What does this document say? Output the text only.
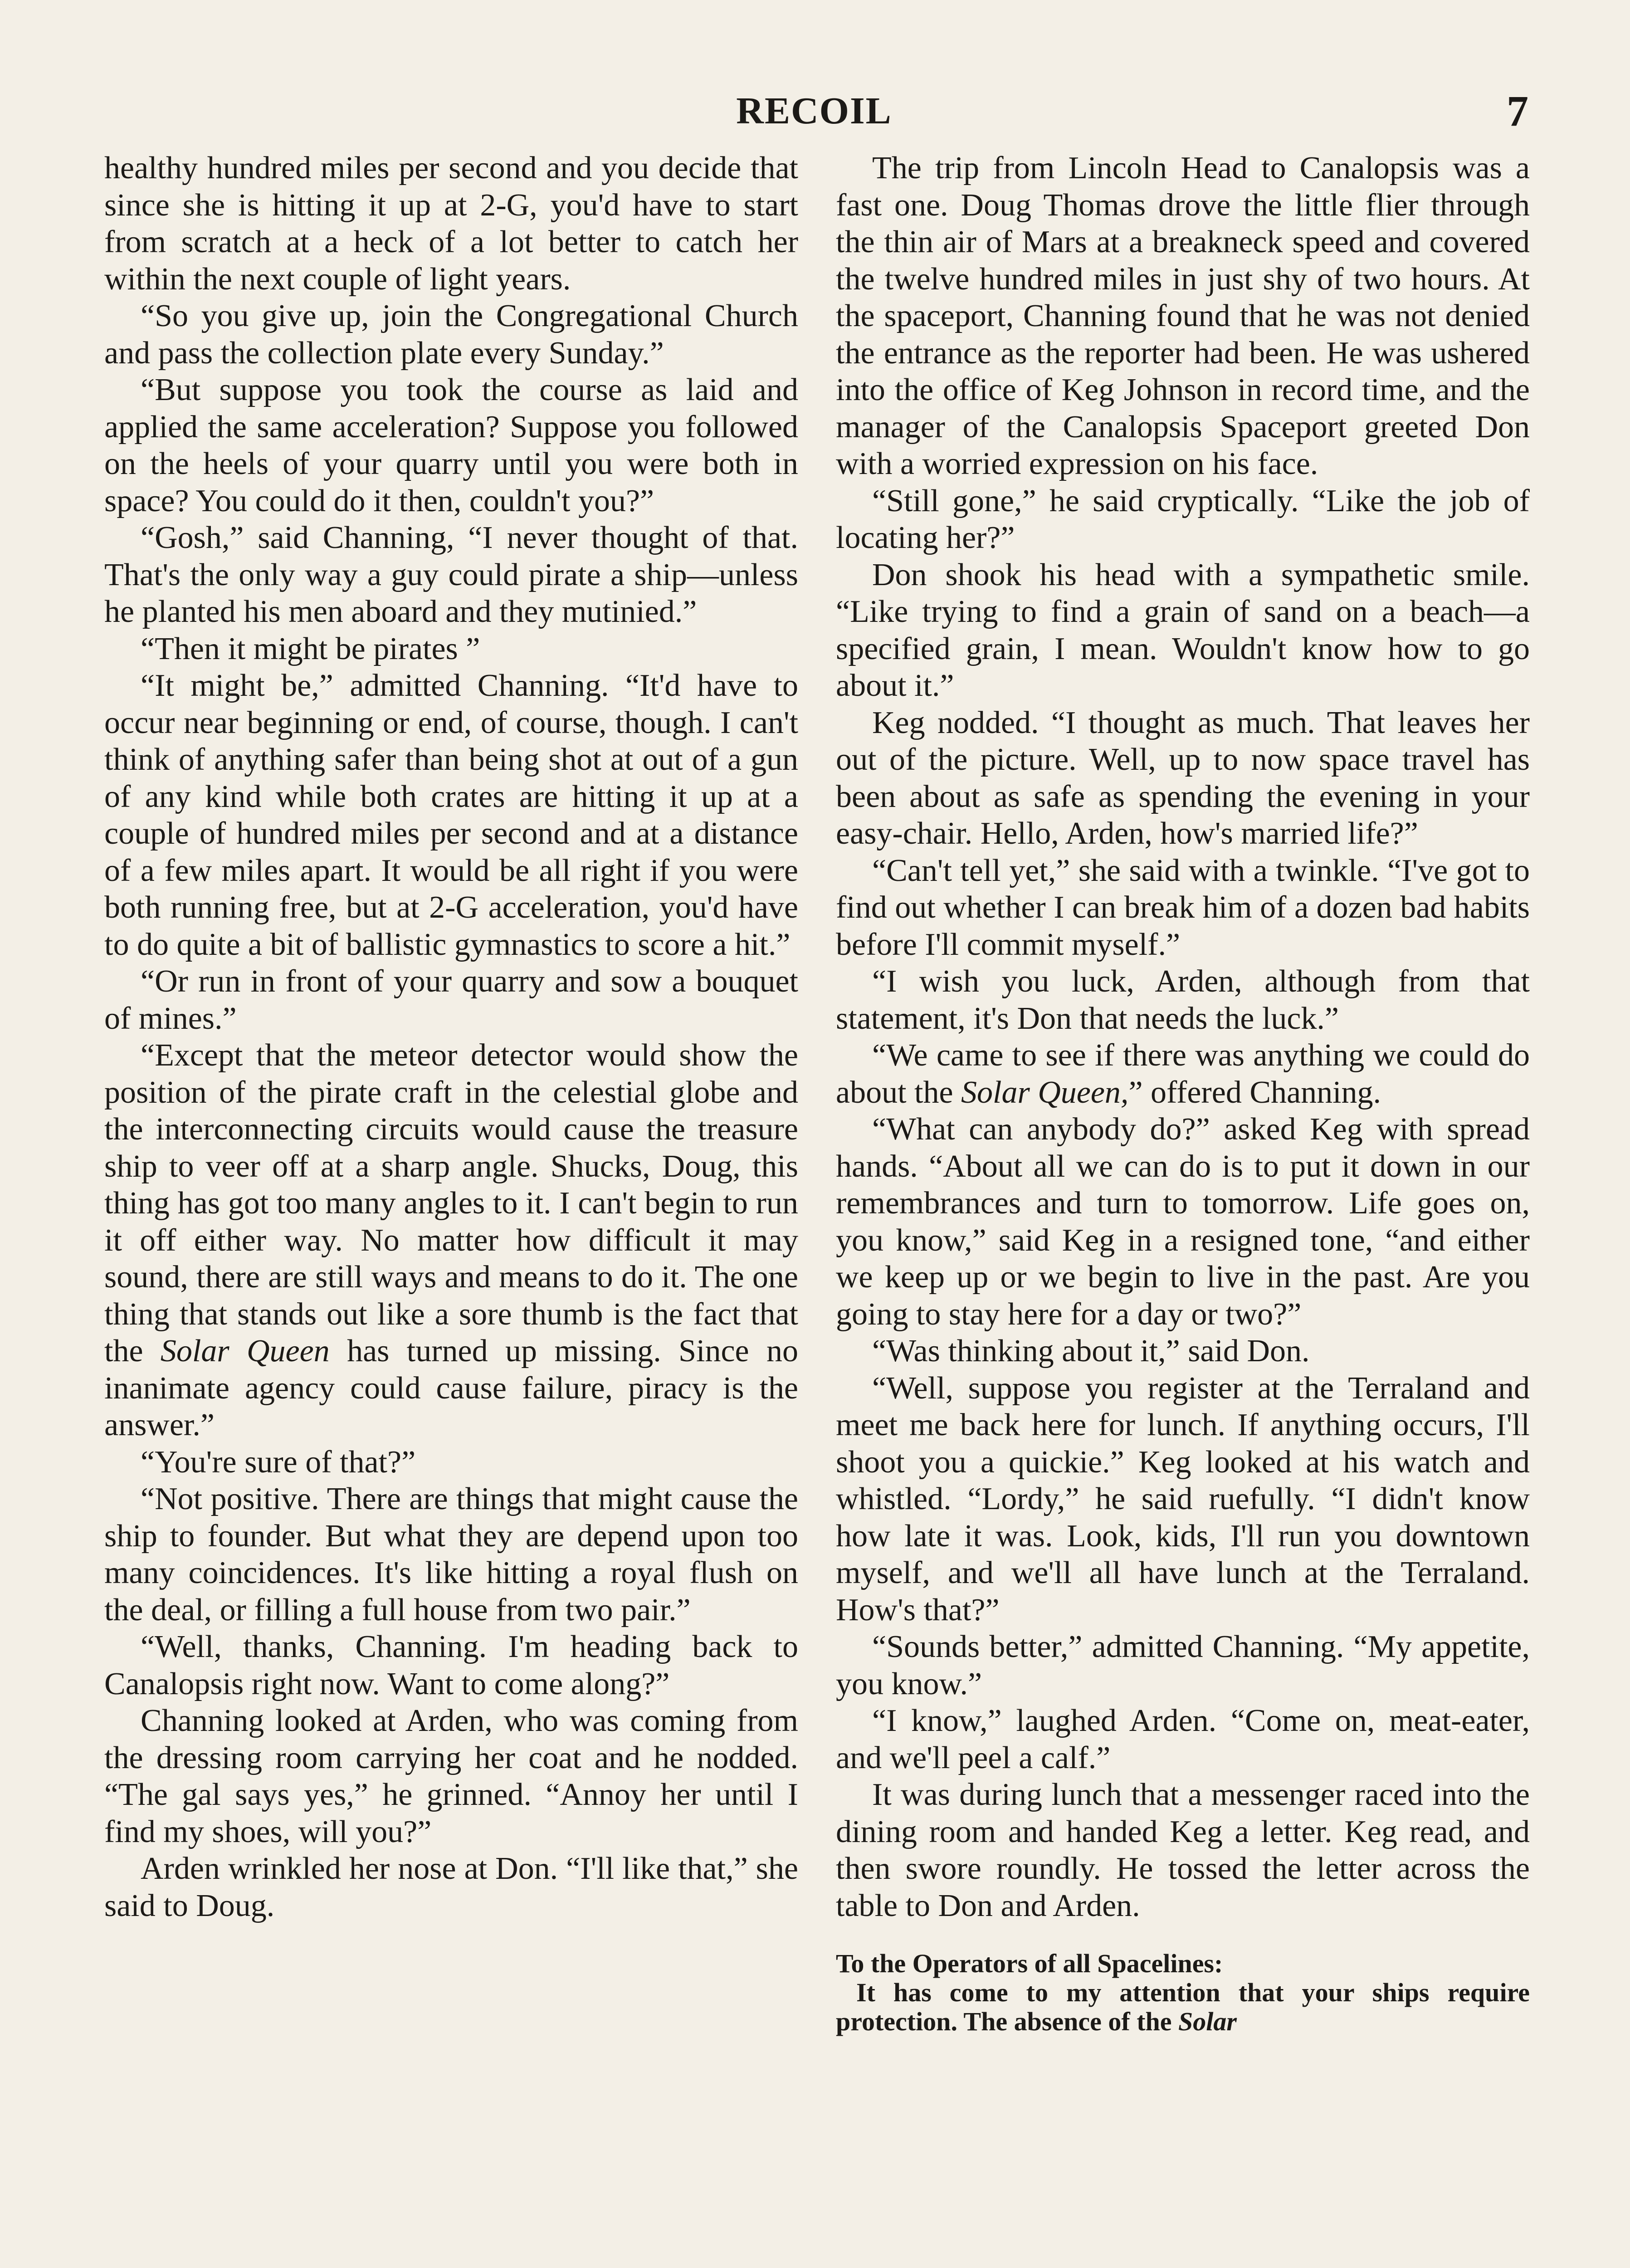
RECOIL	7

healthy hundred miles per second and you decide that since she is hitting it up at 2-G, you'd have to start from scratch at a heck of a lot better to catch her within the next couple of light years.

“So you give up, join the Congregational Church and pass the collection plate every Sunday.”

“But suppose you took the course as laid and applied the same acceleration? Suppose you followed on the heels of your quarry until you were both in space? You could do it then, couldn't you?”

“Gosh,” said Channing, “I never thought of that. That's the only way a guy could pirate a ship—unless he planted his men aboard and they mutinied.”

“Then it might be pirates ”

“It might be,” admitted Channing. “It'd have to occur near beginning or end, of course, though. I can't think of anything safer than being shot at out of a gun of any kind while both crates are hitting it up at a couple of hundred miles per second and at a distance of a few miles apart. It would be all right if you were both running free, but at 2-G acceleration, you'd have to do quite a bit of ballistic gymnastics to score a hit.”

“Or run in front of your quarry and sow a bouquet of mines.”

“Except that the meteor detector would show the position of the pirate craft in the celestial globe and the interconnecting circuits would cause the treasure ship to veer off at a sharp angle. Shucks, Doug, this thing has got too many angles to it. I can't begin to run it off either way. No matter how difficult it may sound, there are still ways and means to do it. The one thing that stands out like a sore thumb is the fact that the Solar Queen has turned up missing. Since no inanimate agency could cause failure, piracy is the answer.”

“You're sure of that?”

“Not positive. There are things that might cause the ship to founder. But what they are depend upon too many coincidences. It's like hitting a royal flush on the deal, or filling a full house from two pair.”

“Well, thanks, Channing. I'm heading back to Canalopsis right now. Want to come along?”

Channing looked at Arden, who was coming from the dressing room carrying her coat and he nodded. “The gal says yes,” he grinned. “Annoy her until I find my shoes, will you?”

Arden wrinkled her nose at Don. “I'll like that,” she said to Doug.

The trip from Lincoln Head to Canalopsis was a fast one. Doug Thomas drove the little flier through the thin air of Mars at a breakneck speed and covered the twelve hundred miles in just shy of two hours. At the spaceport, Channing found that he was not denied the entrance as the reporter had been. He was ushered into the office of Keg Johnson in record time, and the manager of the Canalopsis Spaceport greeted Don with a worried expression on his face.

“Still gone,” he said cryptically. “Like the job of locating her?”

Don shook his head with a sympathetic smile. “Like trying to find a grain of sand on a beach—a specified grain, I mean. Wouldn't know how to go about it.”

Keg nodded. “I thought as much. That leaves her out of the picture. Well, up to now space travel has been about as safe as spending the evening in your easy-chair. Hello, Arden, how's married life?”

“Can't tell yet,” she said with a twinkle. “I've got to find out whether I can break him of a dozen bad habits before I'll commit myself.”

“I wish you luck, Arden, although from that statement, it's Don that needs the luck.”

“We came to see if there was anything we could do about the Solar Queen,” offered Channing.

“What can anybody do?” asked Keg with spread hands. “About all we can do is to put it down in our remembrances and turn to tomorrow. Life goes on, you know,” said Keg in a resigned tone, “and either we keep up or we begin to live in the past. Are you going to stay here for a day or two?”

“Was thinking about it,” said Don.

“Well, suppose you register at the Terraland and meet me back here for lunch. If anything occurs, I'll shoot you a quickie.” Keg looked at his watch and whistled. “Lordy,” he said ruefully. “I didn't know how late it was. Look, kids, I'll run you downtown myself, and we'll all have lunch at the Terraland. How's that?”

“Sounds better,” admitted Channing. “My appetite, you know.”

“I know,” laughed Arden. “Come on, meat-eater, and we'll peel a calf.”

It was during lunch that a messenger raced into the dining room and handed Keg a letter. Keg read, and then swore roundly. He tossed the letter across the table to Don and Arden.

To the Operators of all Spacelines:

It has come to my attention that your ships require protection. The absence of the Solar
